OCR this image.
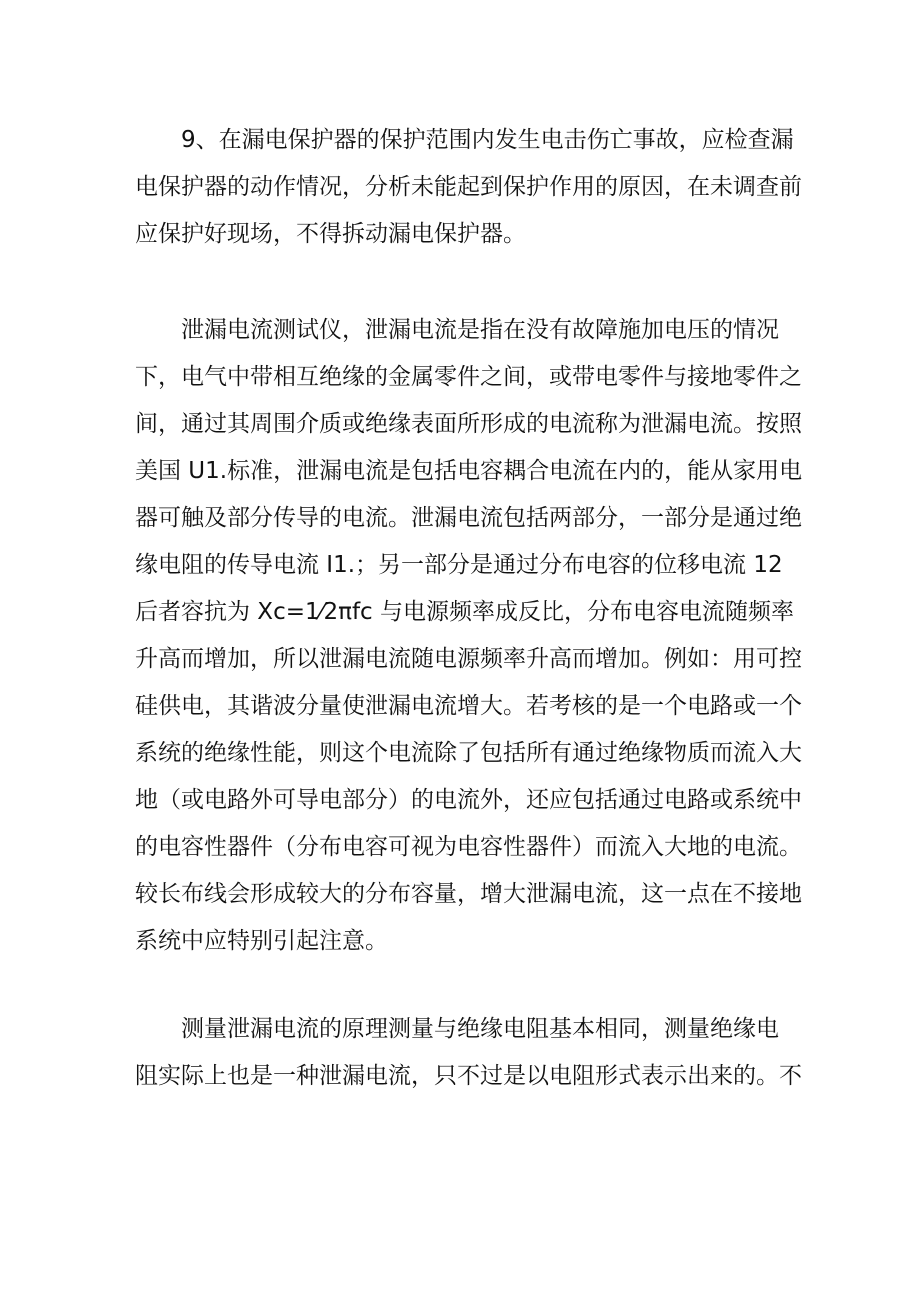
　　9、在漏电保护器的保护范围内发生电击伤亡事故，应检查漏
电保护器的动作情况，分析未能起到保护作用的原因，在未调查前
应保护好现场，不得拆动漏电保护器。
　　泄漏电流测试仪，泄漏电流是指在没有故障施加电压的情况
下，电气中带相互绝缘的金属零件之间，或带电零件与接地零件之
间，通过其周围介质或绝缘表面所形成的电流称为泄漏电流。按照
美国 U1.标准，泄漏电流是包括电容耦合电流在内的，能从家用电
器可触及部分传导的电流。泄漏电流包括两部分，一部分是通过绝
缘电阻的传导电流 I1.；另一部分是通过分布电容的位移电流 12
后者容抗为 Xc=1⁄2πfc 与电源频率成反比，分布电容电流随频率
升高而增加，所以泄漏电流随电源频率升高而增加。例如：用可控
硅供电，其谐波分量使泄漏电流增大。若考核的是一个电路或一个
系统的绝缘性能，则这个电流除了包括所有通过绝缘物质而流入大
地（或电路外可导电部分）的电流外，还应包括通过电路或系统中
的电容性器件（分布电容可视为电容性器件）而流入大地的电流。
较长布线会形成较大的分布容量，增大泄漏电流，这一点在不接地
系统中应特别引起注意。
　　测量泄漏电流的原理测量与绝缘电阻基本相同，测量绝缘电
阻实际上也是一种泄漏电流，只不过是以电阻形式表示出来的。不
